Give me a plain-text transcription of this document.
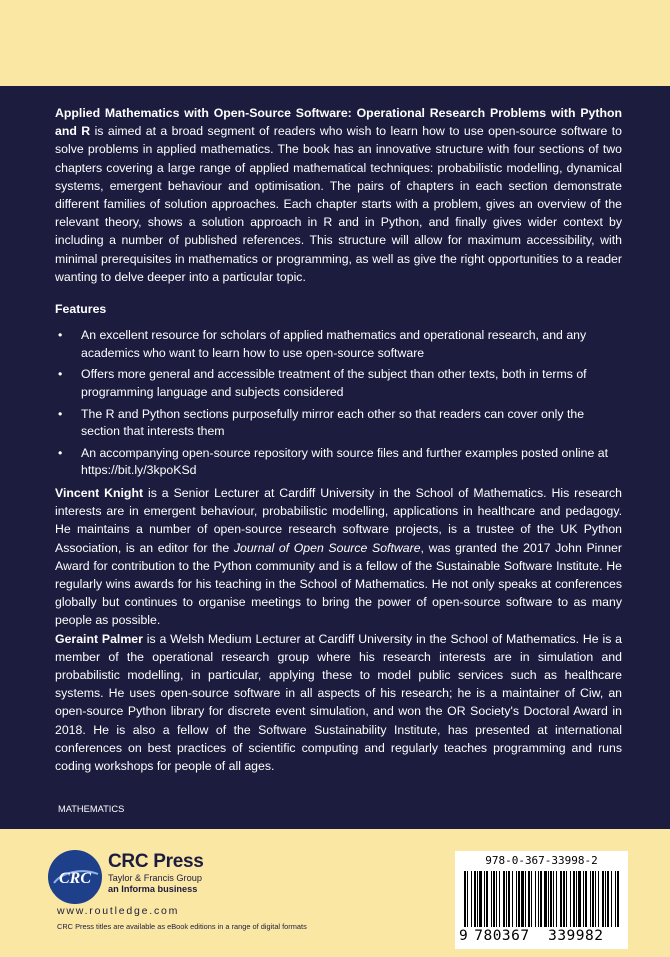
Applied Mathematics with Open-Source Software: Operational Research Problems with Python and R is aimed at a broad segment of readers who wish to learn how to use open-source software to solve problems in applied mathematics. The book has an innovative structure with four sections of two chapters covering a large range of applied mathematical techniques: probabilistic modelling, dynamical systems, emergent behaviour and optimisation. The pairs of chapters in each section demonstrate different families of solution approaches. Each chapter starts with a problem, gives an overview of the relevant theory, shows a solution approach in R and in Python, and finally gives wider context by including a number of published references. This structure will allow for maximum accessibility, with minimal prerequisites in mathematics or programming, as well as give the right opportunities to a reader wanting to delve deeper into a particular topic.

Features
• An excellent resource for scholars of applied mathematics and operational research, and any academics who want to learn how to use open-source software
• Offers more general and accessible treatment of the subject than other texts, both in terms of programming language and subjects considered
• The R and Python sections purposefully mirror each other so that readers can cover only the section that interests them
• An accompanying open-source repository with source files and further examples posted online at https://bit.ly/3kpoKSd

Vincent Knight is a Senior Lecturer at Cardiff University in the School of Mathematics. His research interests are in emergent behaviour, probabilistic modelling, applications in healthcare and pedagogy. He maintains a number of open-source research software projects, is a trustee of the UK Python Association, is an editor for the Journal of Open Source Software, was granted the 2017 John Pinner Award for contribution to the Python community and is a fellow of the Sustainable Software Institute. He regularly wins awards for his teaching in the School of Mathematics. He not only speaks at conferences globally but continues to organise meetings to bring the power of open-source software to as many people as possible.

Geraint Palmer is a Welsh Medium Lecturer at Cardiff University in the School of Mathematics. He is a member of the operational research group where his research interests are in simulation and probabilistic modelling, in particular, applying these to model public services such as healthcare systems. He uses open-source software in all aspects of his research; he is a maintainer of Ciw, an open-source Python library for discrete event simulation, and won the OR Society's Doctoral Award in 2018. He is also a fellow of the Software Sustainability Institute, has presented at international conferences on best practices of scientific computing and regularly teaches programming and runs coding workshops for people of all ages.

MATHEMATICS
CRC
CRC Press
Taylor & Francis Group
an Informa business
www.routledge.com
CRC Press titles are available as eBook editions in a range of digital formats
978-0-367-33998-2
9 780367 339982
